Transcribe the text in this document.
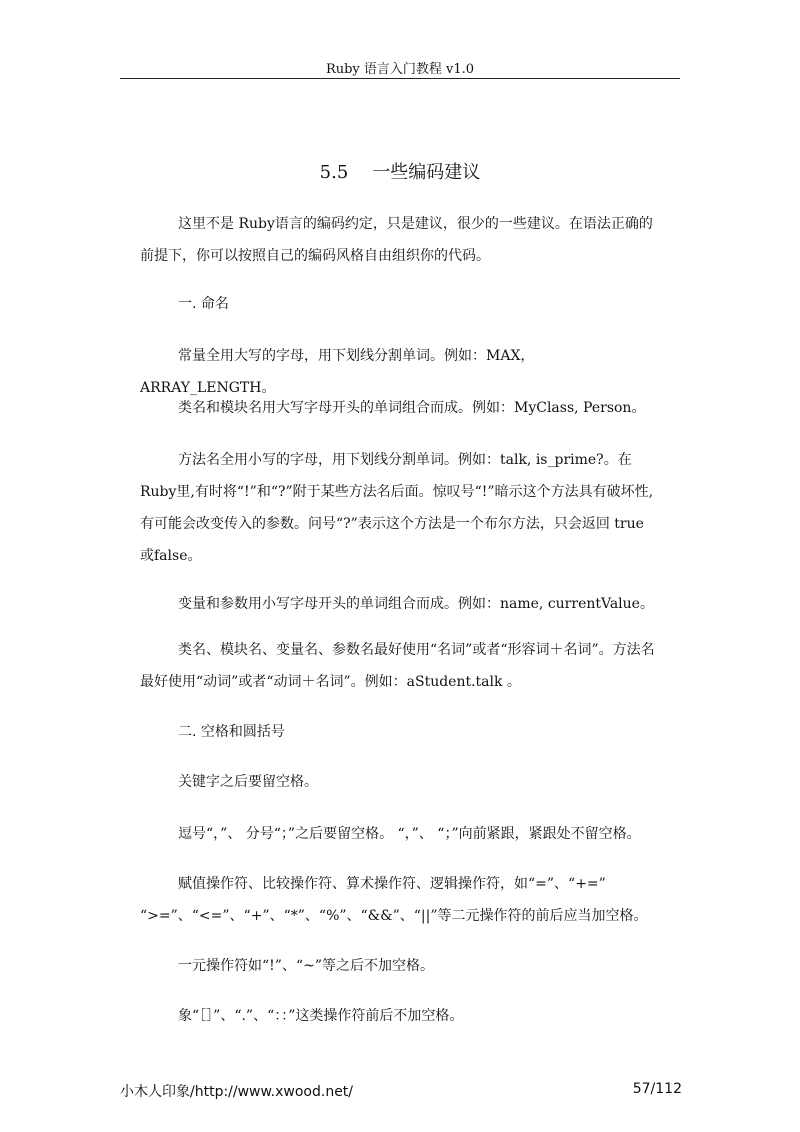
Ruby 语言入门教程 v1.0
5.5 一些编码建议

这里不是 Ruby语言的编码约定，只是建议，很少的一些建议。在语法正确的前提下，你可以按照自己的编码风格自由组织你的代码。

一. 命名

常量全用大写的字母，用下划线分割单词。例如：MAX， ARRAY_LENGTH。

类名和模块名用大写字母开头的单词组合而成。例如：MyClass, Person。

方法名全用小写的字母，用下划线分割单词。例如：talk, is_prime?。在Ruby里,有时将“!”和“?”附于某些方法名后面。惊叹号“!”暗示这个方法具有破坏性, 有可能会改变传入的参数。问号“?”表示这个方法是一个布尔方法，只会返回 true 或false。

变量和参数用小写字母开头的单词组合而成。例如：name, currentValue。

类名、模块名、变量名、参数名最好使用“名词”或者“形容词＋名词”。方法名最好使用“动词”或者“动词＋名词”。例如：aStudent.talk 。

二. 空格和圆括号

关键字之后要留空格。

逗号“，”、 分号“；”之后要留空格。 “，”、 “；”向前紧跟，紧跟处不留空格。

赋值操作符、比较操作符、算术操作符、逻辑操作符，如“=”、“+=” “>=”、“<=”、“+”、“*”、“%”、“&&”、“||”等二元操作符的前后应当加空格。

一元操作符如“!”、“~”等之后不加空格。

象“［］”、“.”、“：：”这类操作符前后不加空格。

小木人印象/http://www.xwood.net/	57/112
